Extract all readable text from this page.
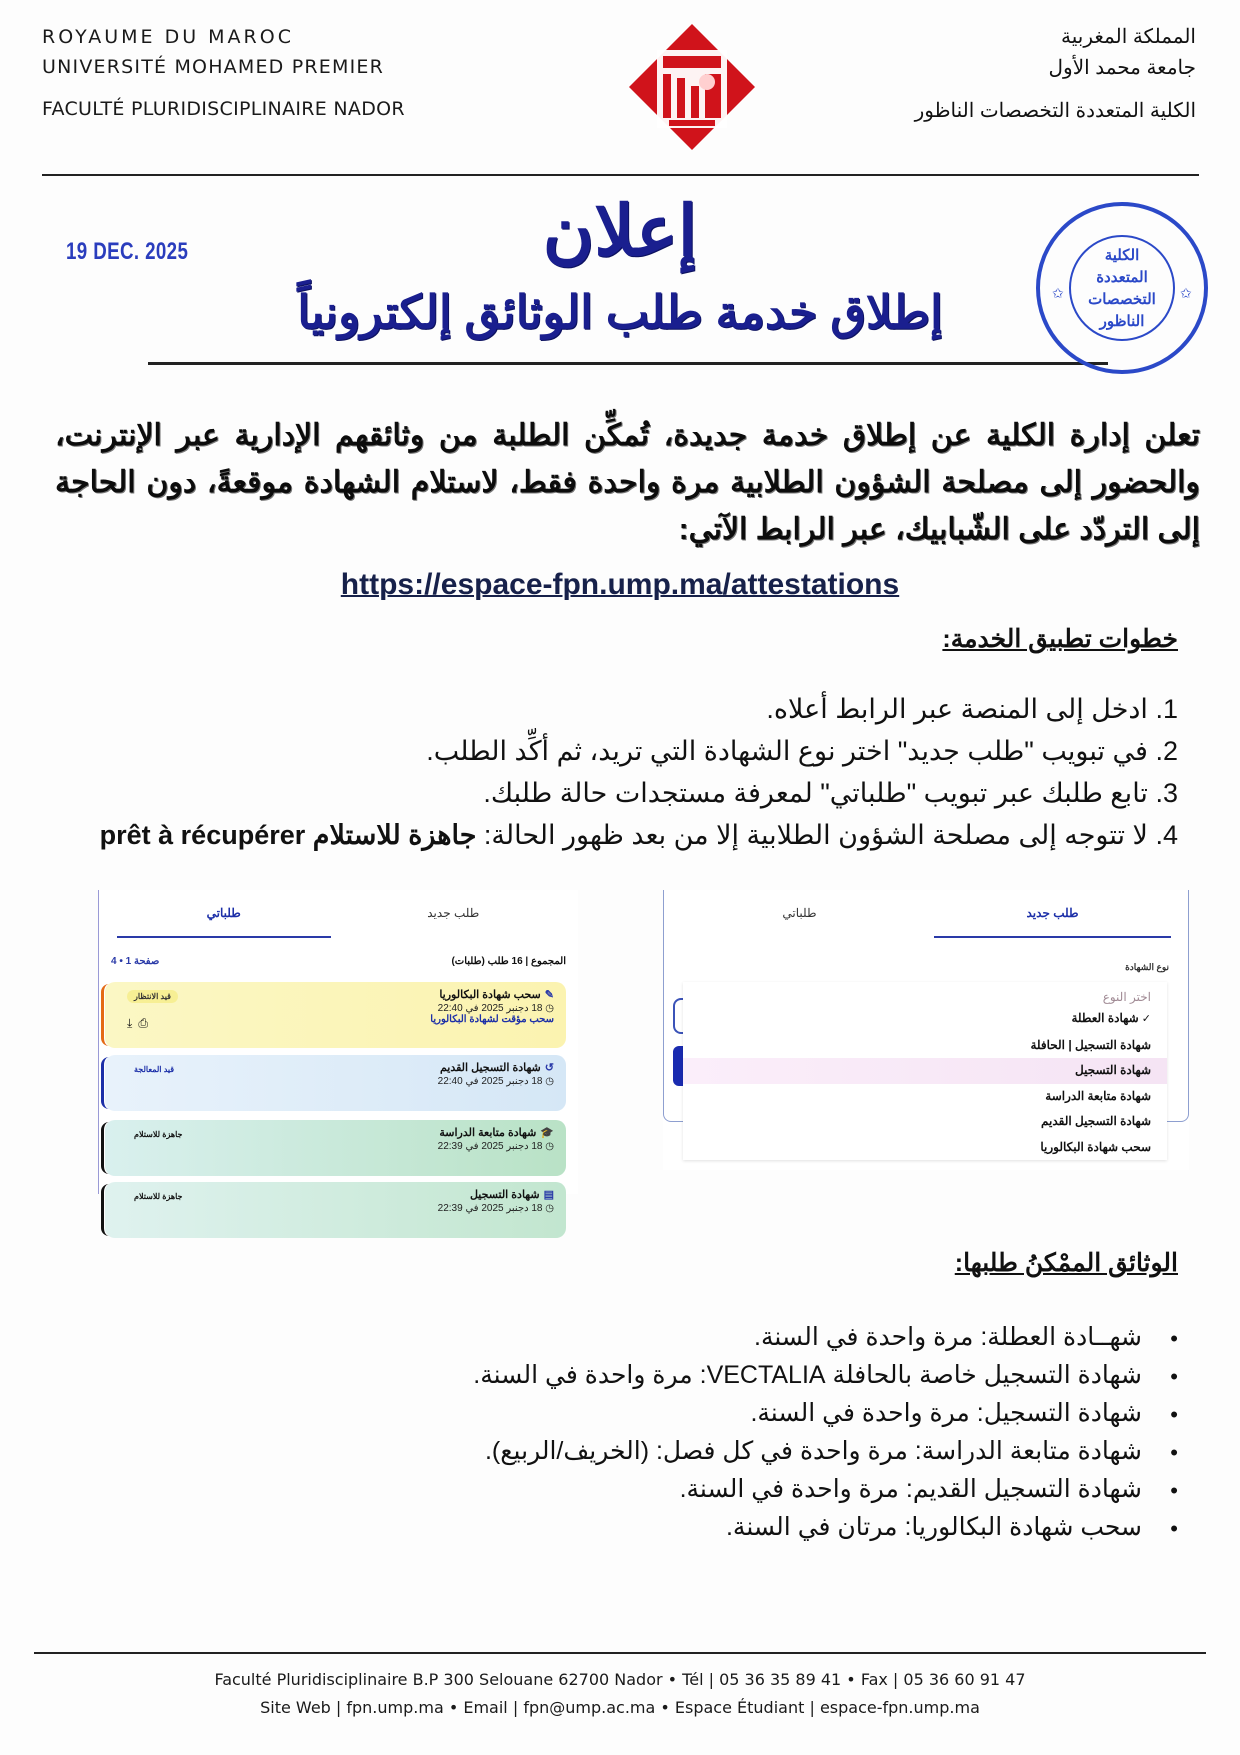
ROYAUME DU MAROC
UNIVERSITÉ MOHAMED PREMIER
FACULTÉ PLURIDISCIPLINAIRE NADOR
المملكة المغربية
جامعة محمد الأول
الكلية المتعددة التخصصات الناظور
19 DEC. 2025	إعلان
إطلاق خدمة طلب الوثائق إلكترونياً
الكلية
المتعددة
التخصصات
الناظور
✩	✩
تعلن إدارة الكلية عن إطلاق خدمة جديدة، تُمكِّن الطلبة من وثائقهم الإدارية عبر الإنترنت، والحضور إلى مصلحة الشؤون الطلابية مرة واحدة فقط، لاستلام الشهادة موقعةً، دون الحاجة إلى التردّد على الشّبابيك، عبر الرابط الآتي:
https://espace-fpn.ump.ma/attestations
خطوات تطبيق الخدمة:
1. ادخل إلى المنصة عبر الرابط أعلاه.
2. في تبويب "طلب جديد" اختر نوع الشهادة التي تريد، ثم أكِّد الطلب.
3. تابع طلبك عبر تبويب "طلباتي" لمعرفة مستجدات حالة طلبك.
4. لا تتوجه إلى مصلحة الشؤون الطلابية إلا من بعد ظهور الحالة: جاهزة للاستلام prêt à récupérer
طلب جديد
طلباتي
المجموع | 16 طلب (طلبات)
صفحة 1 • 4
✎سحب شهادة البكالوريا
◷ 18 دجنبر 2025 في 22:40
سحب مؤقت لشهادة البكالوريا
قيد الانتظار
⎙⤓
↺شهادة التسجيل القديم
◷ 18 دجنبر 2025 في 22:40
قيد المعالجة
🎓شهادة متابعة الدراسة
◷ 18 دجنبر 2025 في 22:39
جاهزة للاستلام
▤شهادة التسجيل
◷ 18 دجنبر 2025 في 22:39
جاهزة للاستلام
طلب جديد
طلباتي
نوع الشهادة
اختر النوع
✓ شهادة العطلة
شهادة التسجيل | الحافلة
شهادة التسجيل
شهادة متابعة الدراسة
شهادة التسجيل القديم
سحب شهادة البكالوريا
الوثائق الممْكنُ طلبها:
• شهــادة العطلة: مرة واحدة في السنة.
• شهادة التسجيل خاصة بالحافلة VECTALIA: مرة واحدة في السنة.
• شهادة التسجيل: مرة واحدة في السنة.
• شهادة متابعة الدراسة: مرة واحدة في كل فصل: (الخريف/الربيع).
• شهادة التسجيل القديم: مرة واحدة في السنة.
• سحب شهادة البكالوريا: مرتان في السنة.
Faculté Pluridisciplinaire B.P 300 Selouane 62700 Nador • Tél | 05 36 35 89 41 • Fax | 05 36 60 91 47
Site Web | fpn.ump.ma • Email | fpn@ump.ac.ma • Espace Étudiant | espace-fpn.ump.ma
